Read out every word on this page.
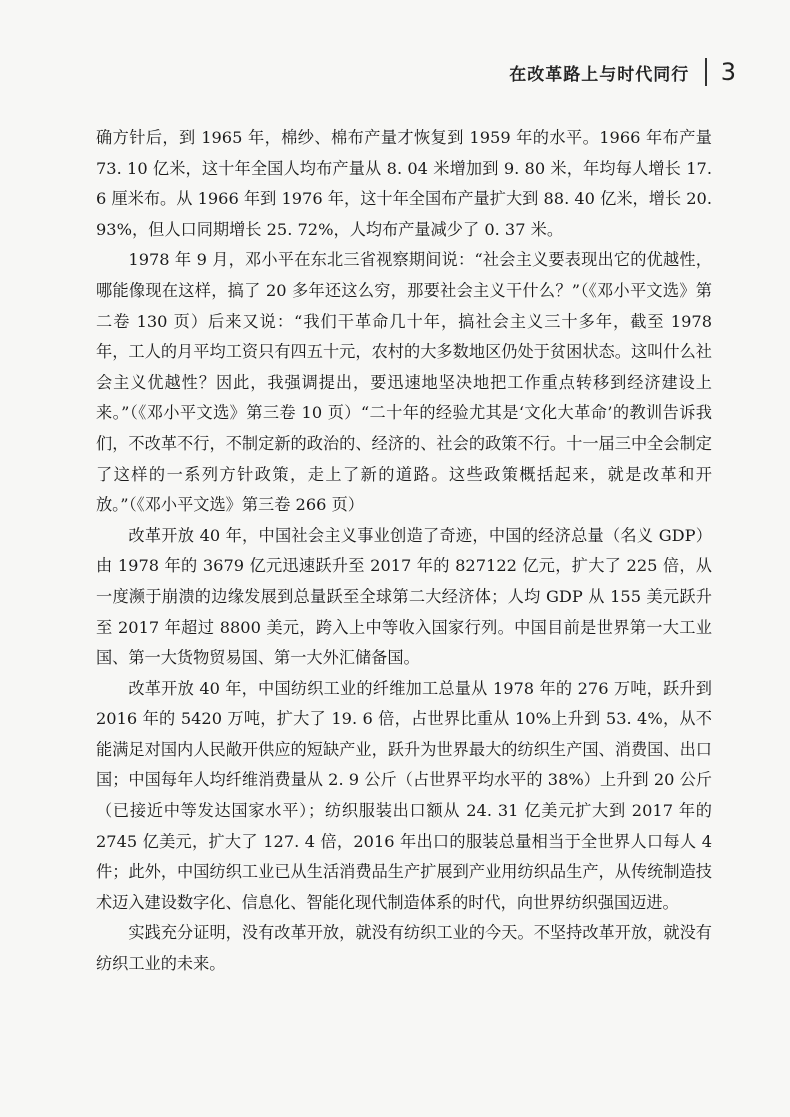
在改革路上与时代同行 3

确方针后，到 1965 年，棉纱、棉布产量才恢复到 1959 年的水平。1966 年布产量 73. 10 亿米，这十年全国人均布产量从 8. 04 米增加到 9. 80 米，年均每人增长 17. 6 厘米布。从 1966 年到 1976 年，这十年全国布产量扩大到 88. 40 亿米，增长 20. 93%，但人口同期增长 25. 72%，人均布产量减少了 0. 37 米。

1978 年 9 月，邓小平在东北三省视察期间说：“社会主义要表现出它的优越性，哪能像现在这样，搞了 20 多年还这么穷，那要社会主义干什么？”（《邓小平文选》第二卷 130 页）后来又说：“我们干革命几十年，搞社会主义三十多年，截至 1978 年，工人的月平均工资只有四五十元，农村的大多数地区仍处于贫困状态。这叫什么社会主义优越性？因此，我强调提出，要迅速地坚决地把工作重点转移到经济建设上来。”（《邓小平文选》第三卷 10 页）“二十年的经验尤其是‘文化大革命’的教训告诉我们，不改革不行，不制定新的政治的、经济的、社会的政策不行。十一届三中全会制定了这样的一系列方针政策，走上了新的道路。这些政策概括起来，就是改革和开放。”（《邓小平文选》第三卷 266 页）

改革开放 40 年，中国社会主义事业创造了奇迹，中国的经济总量（名义 GDP）由 1978 年的 3679 亿元迅速跃升至 2017 年的 827122 亿元，扩大了 225 倍，从一度濒于崩溃的边缘发展到总量跃至全球第二大经济体；人均 GDP 从 155 美元跃升至 2017 年超过 8800 美元，跨入上中等收入国家行列。中国目前是世界第一大工业国、第一大货物贸易国、第一大外汇储备国。

改革开放 40 年，中国纺织工业的纤维加工总量从 1978 年的 276 万吨，跃升到 2016 年的 5420 万吨，扩大了 19. 6 倍，占世界比重从 10%上升到 53. 4%，从不能满足对国内人民敞开供应的短缺产业，跃升为世界最大的纺织生产国、消费国、出口国；中国每年人均纤维消费量从 2. 9 公斤（占世界平均水平的 38%）上升到 20 公斤（已接近中等发达国家水平）；纺织服装出口额从 24. 31 亿美元扩大到 2017 年的 2745 亿美元，扩大了 127. 4 倍，2016 年出口的服装总量相当于全世界人口每人 4 件；此外，中国纺织工业已从生活消费品生产扩展到产业用纺织品生产，从传统制造技术迈入建设数字化、信息化、智能化现代制造体系的时代，向世界纺织强国迈进。

实践充分证明，没有改革开放，就没有纺织工业的今天。不坚持改革开放，就没有纺织工业的未来。
